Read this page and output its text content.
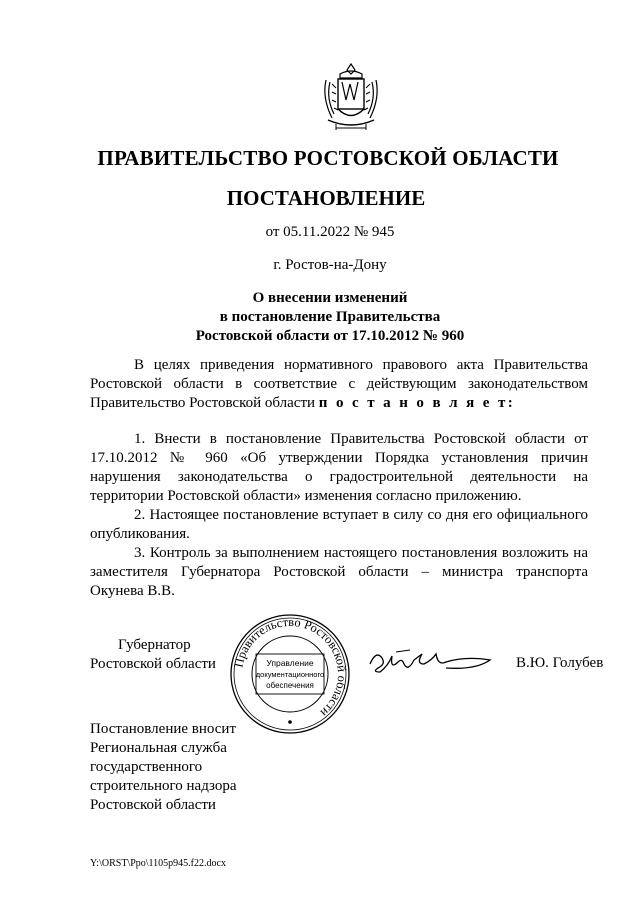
ПРАВИТЕЛЬСТВО РОСТОВСКОЙ ОБЛАСТИ
ПОСТАНОВЛЕНИЕ
от 05.11.2022 № 945
г. Ростов-на-Дону
О внесении изменений
в постановление Правительства
Ростовской области от 17.10.2012 № 960

В целях приведения нормативного правового акта Правительства Ростовской области в соответствие с действующим законодательством Правительство Ростовской области п о с т а н о в л я е т:

1. Внести в постановление Правительства Ростовской области от 17.10.2012 № 960 «Об утверждении Порядка установления причин нарушения законодательства о градостроительной деятельности на территории Ростовской области» изменения согласно приложению.

2. Настоящее постановление вступает в силу со дня его официального опубликования.

3. Контроль за выполнением настоящего постановления возложить на заместителя Губернатора Ростовской области – министра транспорта Окунева В.В.

Губернатор
Ростовской области Правительство Ростовской области
Управление
документационного
обеспечения
В.Ю. Голубев
Постановление вносит
Региональная служба
государственного
строительного надзора
Ростовской области
Y:\ORST\Ppo\1105p945.f22.docx
